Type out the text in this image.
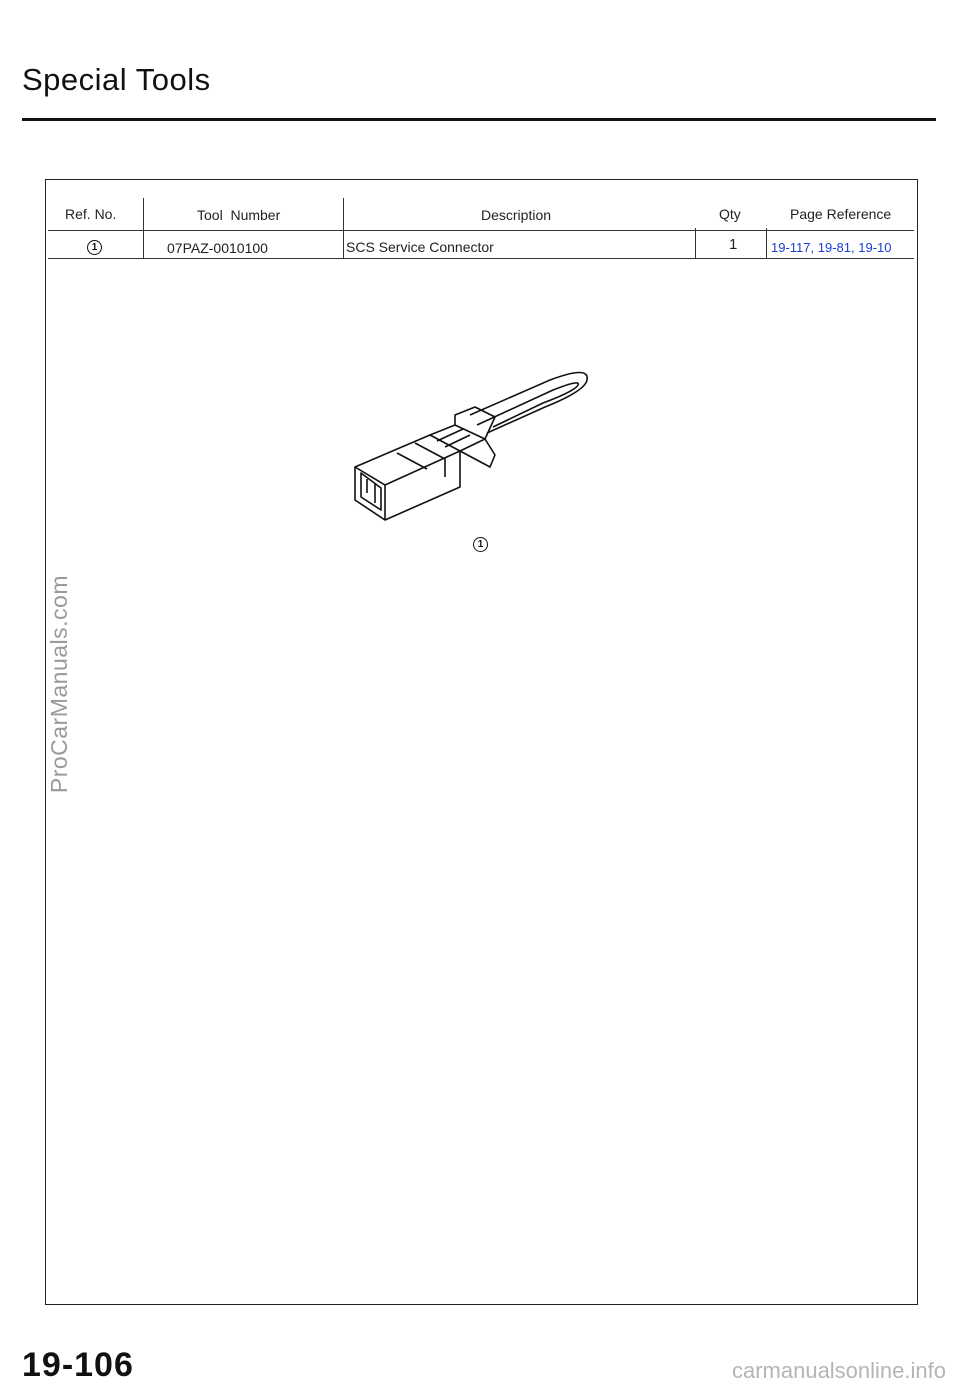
Special Tools
Ref. No.	Tool  Number	Description	Qty	Page Reference
1	07PAZ-0010100	SCS Service Connector	1	19-117, 19-81, 19-10
1
ProCarManuals.com
19-106	carmanualsonline.info
